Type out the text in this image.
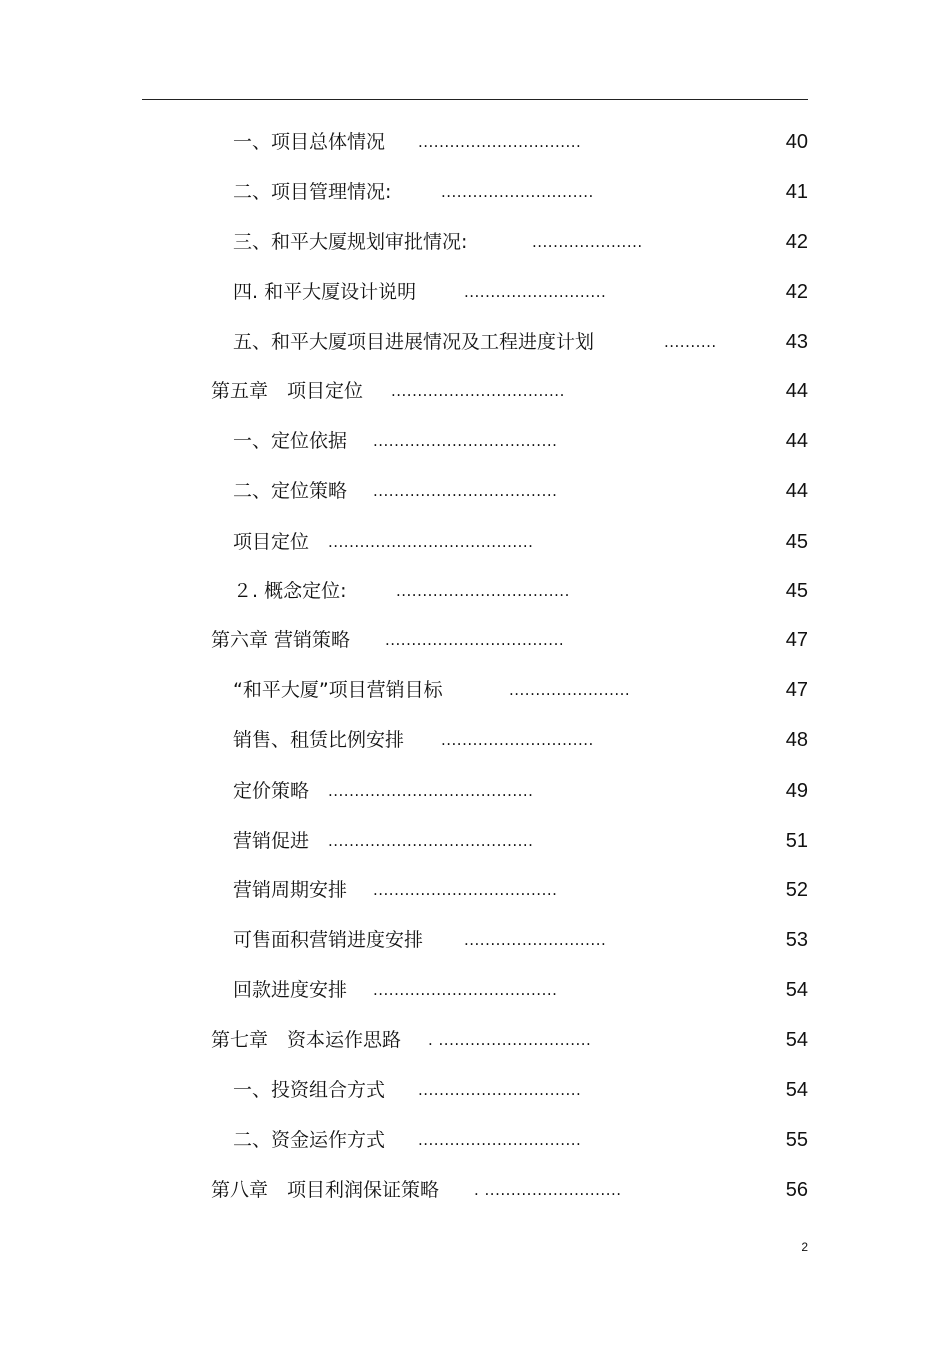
一、项目总体情况 ...............................	40
二、项目管理情况:	.............................	41
三、和平大厦规划审批情况:	.....................	42
四. 和平大厦设计说明	...........................	42
五、和平大厦项目进展情况及工程进度计划	..........	43
第五章　项目定位 .................................	44
一、定位依据 ...................................	44
二、定位策略 ...................................	44
项目定位 .......................................	45
２. 概念定位:	.................................	45
第六章 营销策略 ..................................	47
“和平大厦”项目营销目标	.......................	47
销售、租赁比例安排 .............................	48
定价策略 .......................................	49
营销促进 .......................................	51
营销周期安排 ...................................	52
可售面积营销进度安排	...........................	53
回款进度安排 ...................................	54
第七章　资本运作思路 . .............................	54
一、投资组合方式 ...............................	54
二、资金运作方式 ...............................	55
第八章　项目利润保证策略 . ..........................	56
2
